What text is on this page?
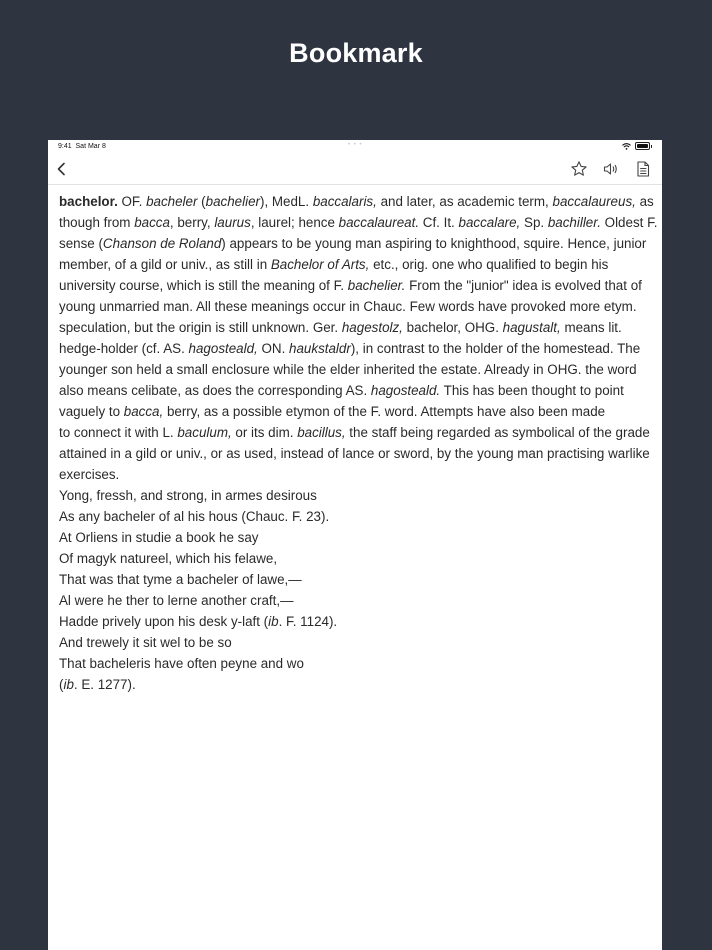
Bookmark
9:41 Sat Mar 8	• • •
bachelor. OF. bacheler (bachelier), MedL. baccalaris, and later, as academic term, baccalaureus, as
though from bacca, berry, laurus, laurel; hence baccalaureat. Cf. It. baccalare, Sp. bachiller. Oldest F.
sense (Chanson de Roland) appears to be young man aspiring to knighthood, squire. Hence, junior
member, of a gild or univ., as still in Bachelor of Arts, etc., orig. one who qualified to begin his
university course, which is still the meaning of F. bachelier. From the "junior" idea is evolved that of
young unmarried man. All these meanings occur in Chauc. Few words have provoked more etym.
speculation, but the origin is still unknown. Ger. hagestolz, bachelor, OHG. hagustalt, means lit.
hedge-holder (cf. AS. hagosteald, ON. haukstaldr), in contrast to the holder of the homestead. The
younger son held a small enclosure while the elder inherited the estate. Already in OHG. the word
also means celibate, as does the corresponding AS. hagosteald. This has been thought to point
vaguely to bacca, berry, as a possible etymon of the F. word. Attempts have also been made
to connect it with L. baculum, or its dim. bacillus, the staff being regarded as symbolical of the grade
attained in a gild or univ., or as used, instead of lance or sword, by the young man practising warlike
exercises.
Yong, fressh, and strong, in armes desirous
As any bacheler of al his hous (Chauc. F. 23).
At Orliens in studie a book he say
Of magyk natureel, which his felawe,
That was that tyme a bacheler of lawe,—
Al were he ther to lerne another craft,—
Hadde prively upon his desk y-laft (ib. F. 1124).
And trewely it sit wel to be so
That bacheleris have often peyne and wo
(ib. E. 1277).
